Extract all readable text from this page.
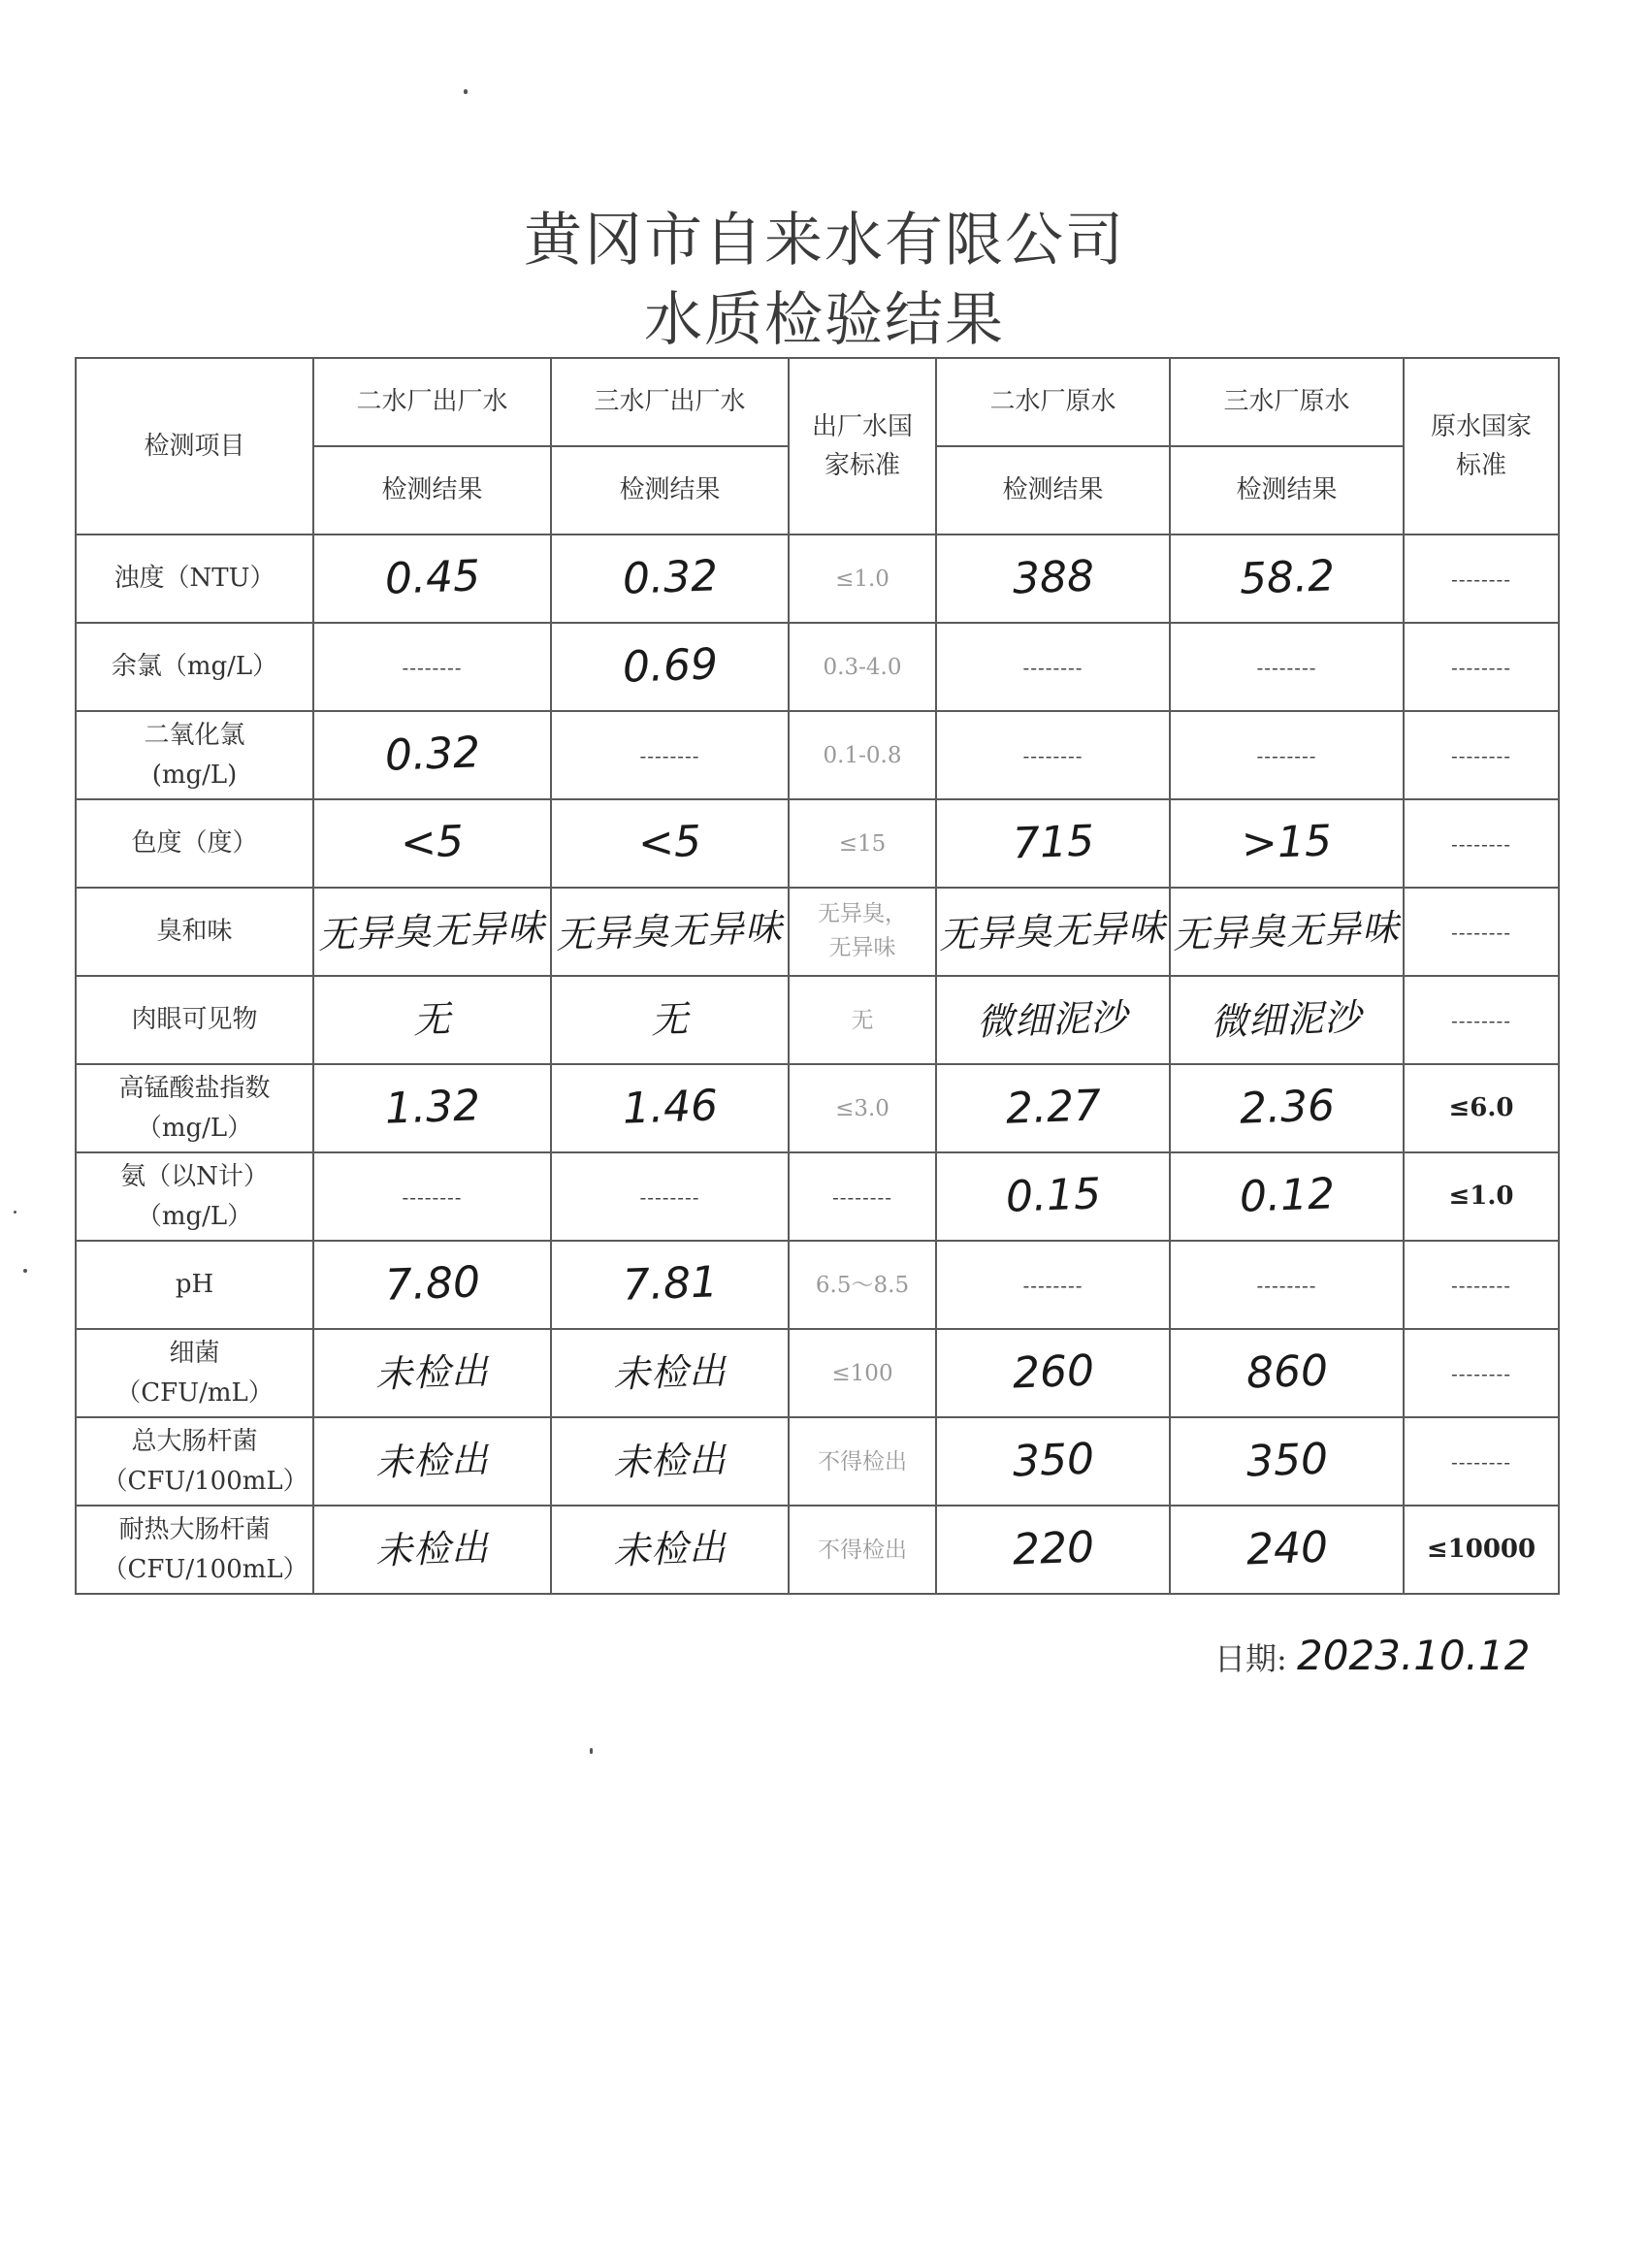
黄冈市自来水有限公司
水质检验结果
检测项目	二水厂出厂水	三水厂出厂水	出厂水国家标准	二水厂原水	三水厂原水	原水国家标准
	检测结果	检测结果		检测结果	检测结果	
浊度（NTU）	0.45	0.32	≤1.0	388	58.2	--------
余氯（mg/L）	--------	0.69	0.3-4.0	--------	--------	--------
二氧化氯(mg/L)	0.32	--------	0.1-0.8	--------	--------	--------
色度（度）	<5	<5	≤15	715	>15	--------
臭和味	无异臭无异味	无异臭无异味	无异臭，无异味	无异臭无异味	无异臭无异味	--------
肉眼可见物	无	无	无	微细泥沙	微细泥沙	--------
高锰酸盐指数（mg/L）	1.32	1.46	≤3.0	2.27	2.36	≤6.0
氨（以N计）（mg/L）	--------	--------	--------	0.15	0.12	≤1.0
pH	7.80	7.81	6.5～8.5	--------	--------	--------
细菌（CFU/mL）	未检出	未检出	≤100	260	860	--------
总大肠杆菌（CFU/100mL）	未检出	未检出	不得检出	350	350	--------
耐热大肠杆菌（CFU/100mL）	未检出	未检出	不得检出	220	240	≤10000
日期: 2023.10.12
